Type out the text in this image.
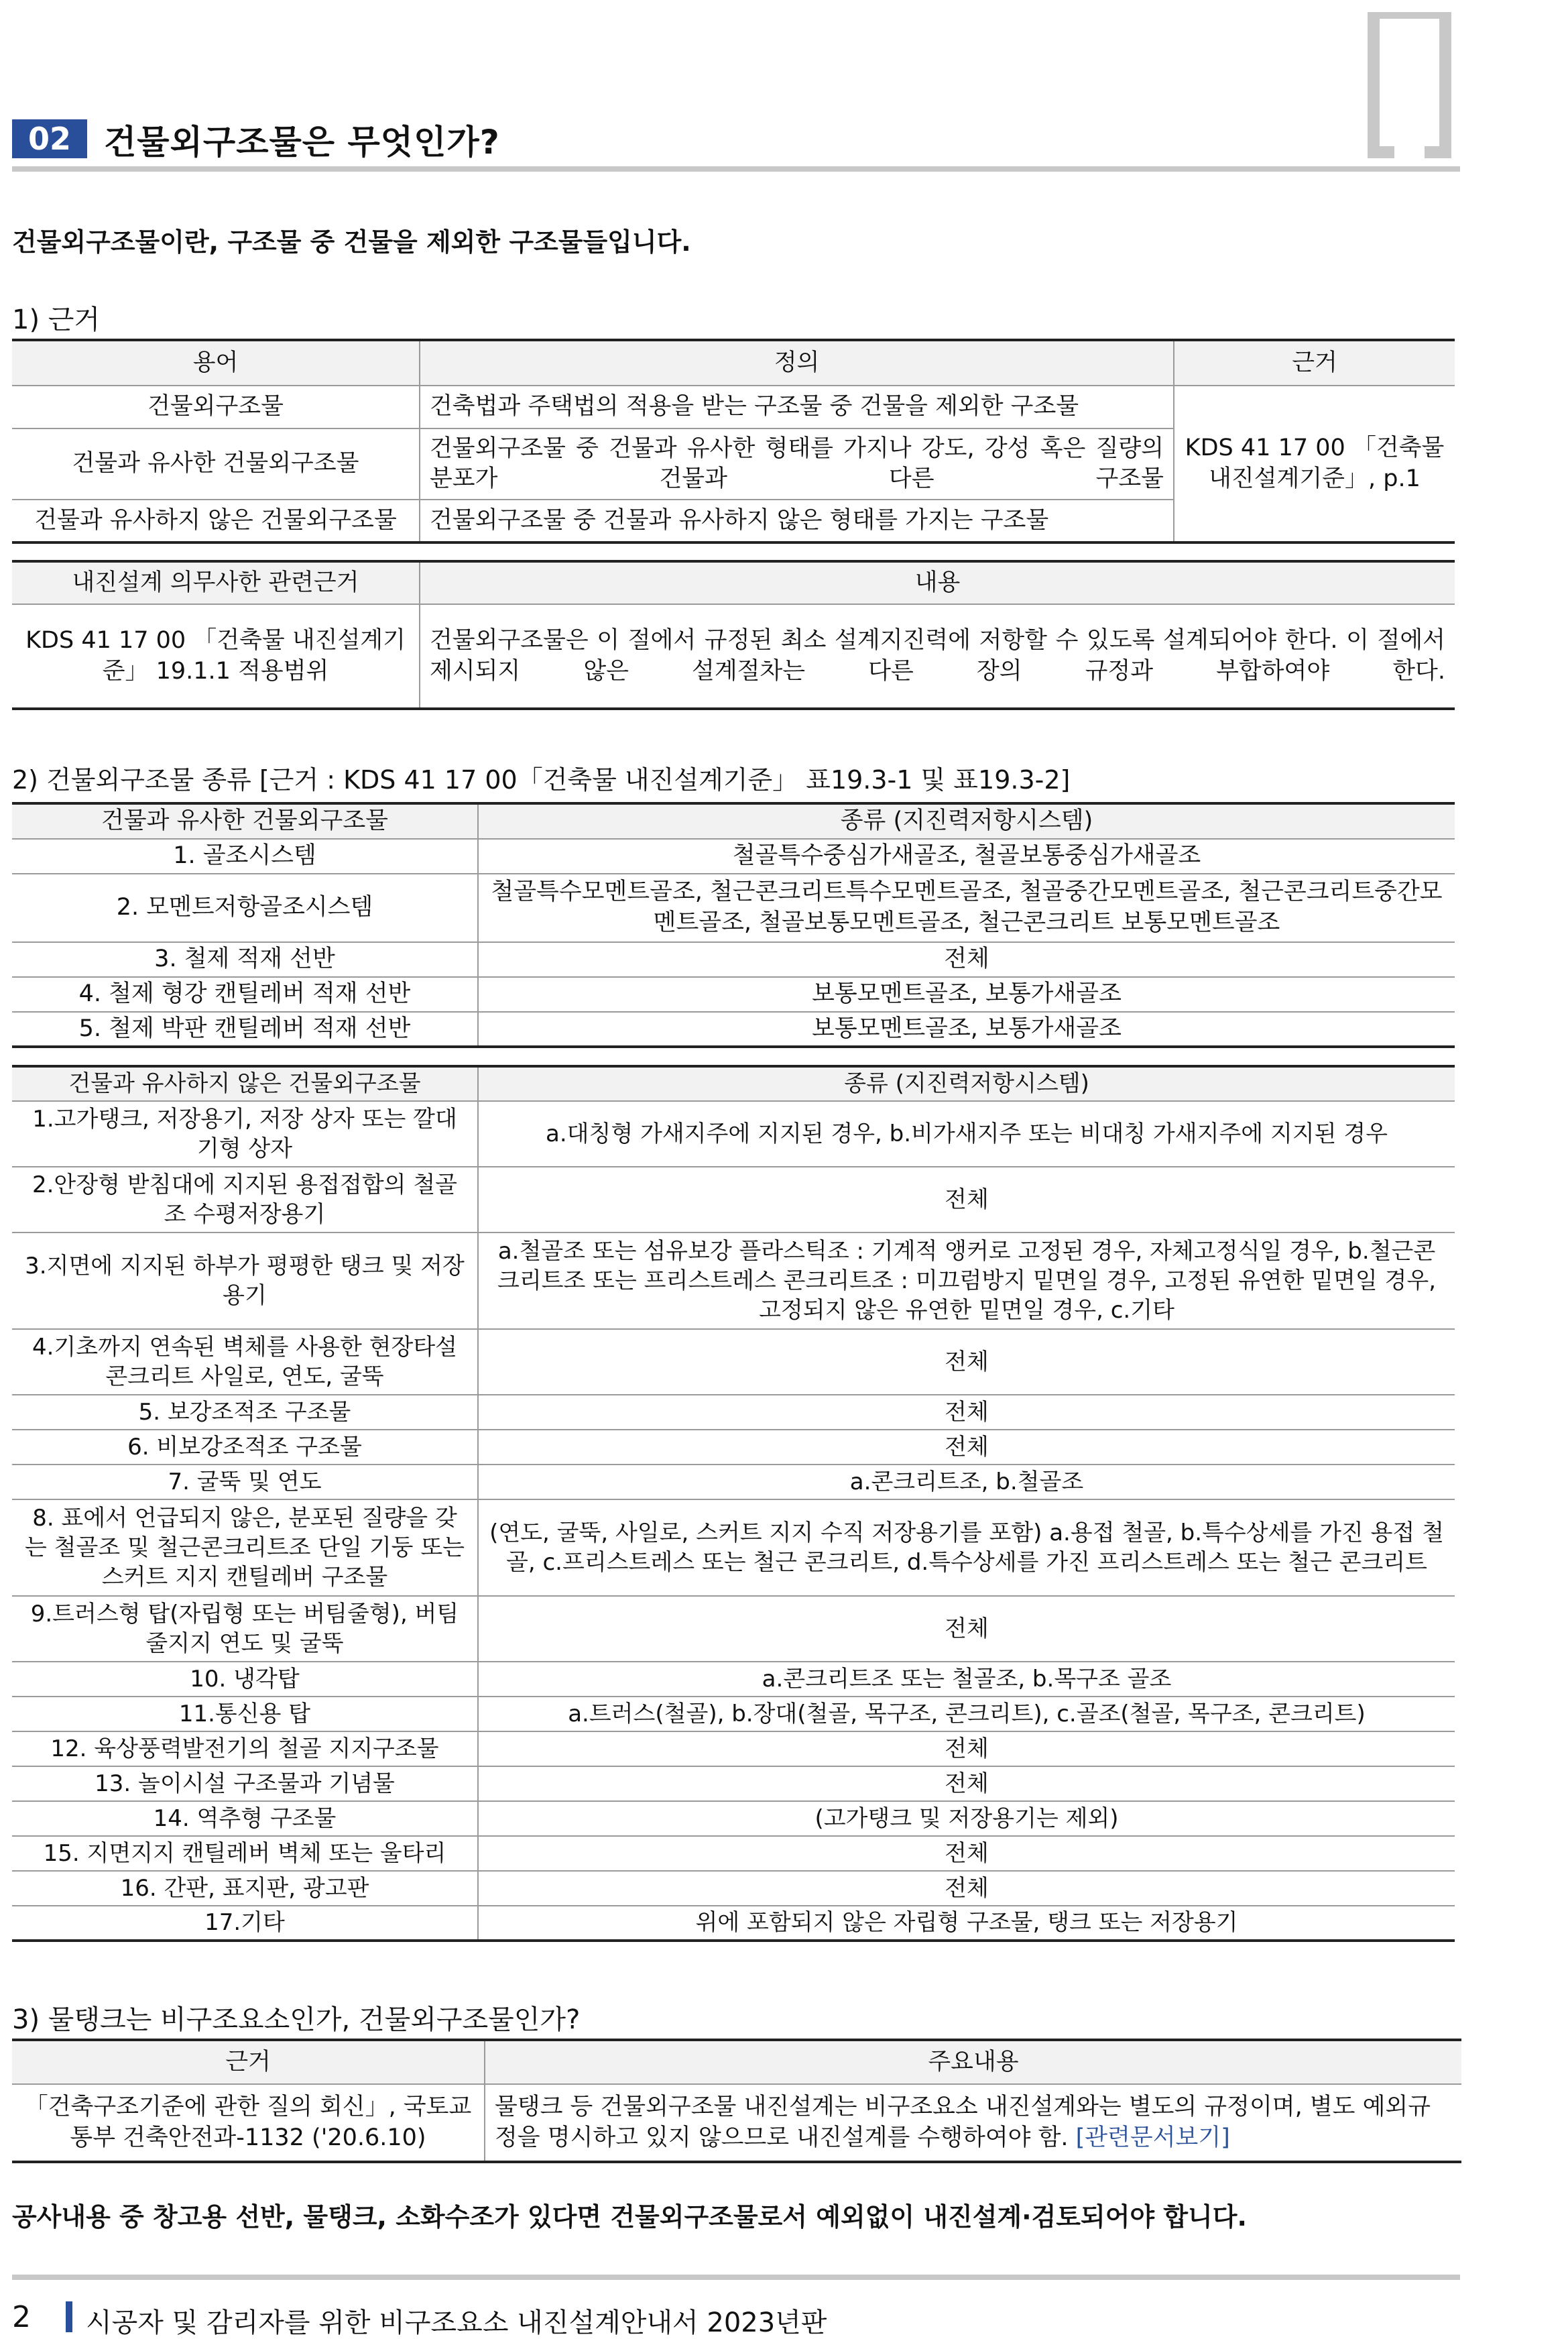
02 건물외구조물은 무엇인가?
건물외구조물이란, 구조물 중 건물을 제외한 구조물들입니다.
1) 근거
용어	정의	근거
건물외구조물	건축법과 주택법의 적용을 받는 구조물 중 건물을 제외한 구조물	KDS 41 17 00 「건축물 내진설계기준」, p.1
건물과 유사한 건물외구조물	건물외구조물 중 건물과 유사한 형태를 가지나 강도, 강성 혹은 질량의 분포가 건물과 다른 구조물	
건물과 유사하지 않은 건물외구조물	건물외구조물 중 건물과 유사하지 않은 형태를 가지는 구조물	
내진설계 의무사한 관련근거	내용
KDS 41 17 00 「건축물 내진설계기준」 19.1.1 적용범위	건물외구조물은 이 절에서 규정된 최소 설계지진력에 저항할 수 있도록 설계되어야 한다. 이 절에서 제시되지 않은 설계절차는 다른 장의 규정과 부합하여야 한다.
2) 건물외구조물 종류 [근거 : KDS 41 17 00「건축물 내진설계기준」 표19.3-1 및 표19.3-2]
건물과 유사한 건물외구조물	종류 (지진력저항시스템)
1. 골조시스템	철골특수중심가새골조, 철골보통중심가새골조
2. 모멘트저항골조시스템	철골특수모멘트골조, 철근콘크리트특수모멘트골조, 철골중간모멘트골조, 철근콘크리트중간모멘트골조, 철골보통모멘트골조, 철근콘크리트 보통모멘트골조
3. 철제 적재 선반	전체
4. 철제 형강 캔틸레버 적재 선반	보통모멘트골조, 보통가새골조
5. 철제 박판 캔틸레버 적재 선반	보통모멘트골조, 보통가새골조
건물과 유사하지 않은 건물외구조물	종류 (지진력저항시스템)
1.고가탱크, 저장용기, 저장 상자 또는 깔대기형 상자	a.대칭형 가새지주에 지지된 경우, b.비가새지주 또는 비대칭 가새지주에 지지된 경우
2.안장형 받침대에 지지된 용접접합의 철골조 수평저장용기	전체
3.지면에 지지된 하부가 평평한 탱크 및 저장용기	a.철골조 또는 섬유보강 플라스틱조 : 기계적 앵커로 고정된 경우, 자체고정식일 경우, b.철근콘크리트조 또는 프리스트레스 콘크리트조 : 미끄럼방지 밑면일 경우, 고정된 유연한 밑면일 경우, 고정되지 않은 유연한 밑면일 경우, c.기타
4.기초까지 연속된 벽체를 사용한 현장타설 콘크리트 사일로, 연도, 굴뚝	전체
5. 보강조적조 구조물	전체
6. 비보강조적조 구조물	전체
7. 굴뚝 및 연도	a.콘크리트조, b.철골조
8. 표에서 언급되지 않은, 분포된 질량을 갖는 철골조 및 철근콘크리트조 단일 기둥 또는 스커트 지지 캔틸레버 구조물	(연도, 굴뚝, 사일로, 스커트 지지 수직 저장용기를 포함) a.용접 철골, b.특수상세를 가진 용접 철골, c.프리스트레스 또는 철근 콘크리트, d.특수상세를 가진 프리스트레스 또는 철근 콘크리트
9.트러스형 탑(자립형 또는 버팀줄형), 버팀줄지지 연도 및 굴뚝	전체
10. 냉각탑	a.콘크리트조 또는 철골조, b.목구조 골조
11.통신용 탑	a.트러스(철골), b.장대(철골, 목구조, 콘크리트), c.골조(철골, 목구조, 콘크리트)
12. 육상풍력발전기의 철골 지지구조물	전체
13. 놀이시설 구조물과 기념물	전체
14. 역추형 구조물	(고가탱크 및 저장용기는 제외)
15. 지면지지 캔틸레버 벽체 또는 울타리	전체
16. 간판, 표지판, 광고판	전체
17.기타	위에 포함되지 않은 자립형 구조물, 탱크 또는 저장용기
3) 물탱크는 비구조요소인가, 건물외구조물인가?
근거	주요내용
「건축구조기준에 관한 질의 회신」, 국토교통부 건축안전과-1132 ('20.6.10)	물탱크 등 건물외구조물 내진설계는 비구조요소 내진설계와는 별도의 규정이며, 별도 예외규정을 명시하고 있지 않으므로 내진설계를 수행하여야 함. [관련문서보기]
공사내용 중 창고용 선반, 물탱크, 소화수조가 있다면 건물외구조물로서 예외없이 내진설계·검토되어야 합니다.
2 시공자 및 감리자를 위한 비구조요소 내진설계안내서 2023년판
